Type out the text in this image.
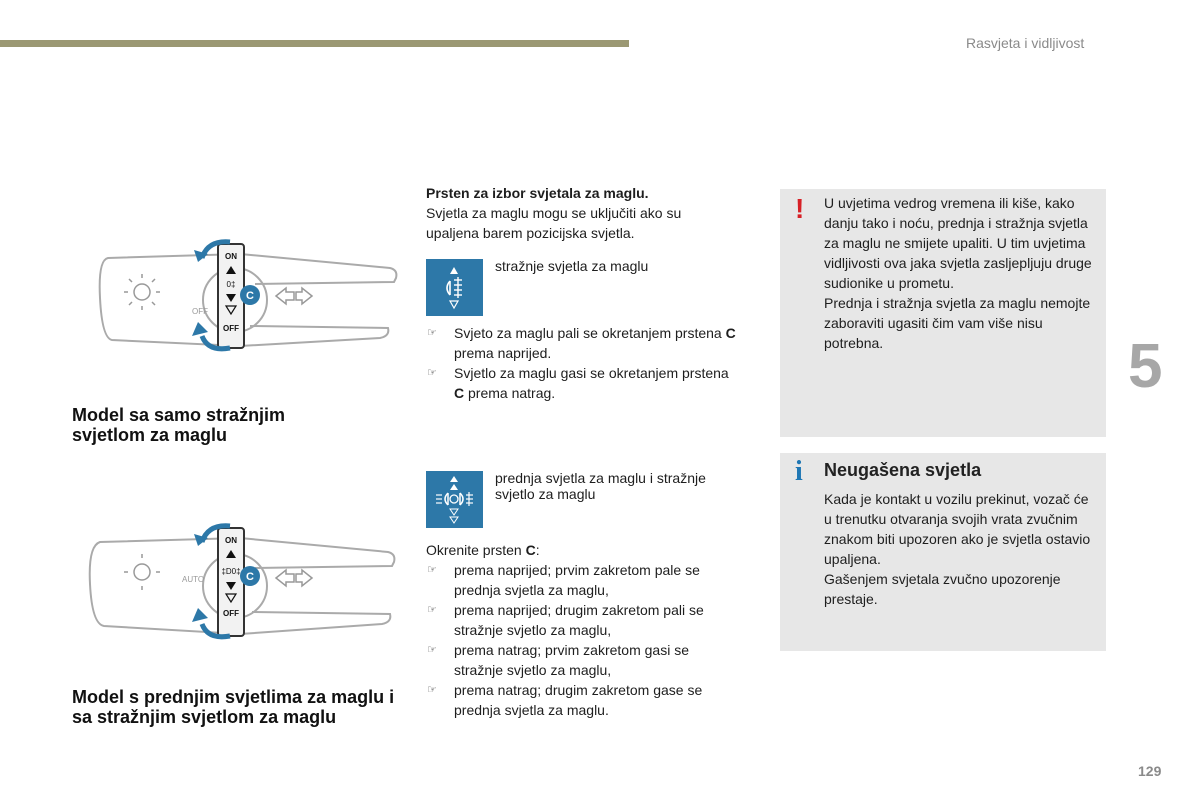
Rasvjeta i vidljivost
5
129
OFF
ON
0‡
OFF
C
Model sa samo stražnjim svjetlom za maglu
AUTO
ON
‡D0‡
OFF
C
Model s prednjim svjetlima za maglu i sa stražnjim svjetlom za maglu
Prsten za izbor svjetala za maglu.
Svjetla za maglu mogu se uključiti ako su upaljena barem pozicijska svjetla.
stražnje svjetla za maglu
☞ Svjeto za maglu pali se okretanjem prstena C prema naprijed.
☞ Svjetlo za maglu gasi se okretanjem prstena C prema natrag.
prednja svjetla za maglu i stražnje svjetlo za maglu
Okrenite prsten C:
☞ prema naprijed; prvim zakretom pale se prednja svjetla za maglu,
☞ prema naprijed; drugim zakretom pali se stražnje svjetlo za maglu,
☞ prema natrag; prvim zakretom gasi se stražnje svjetlo za maglu,
☞ prema natrag; drugim zakretom gase se prednja svjetla za maglu.
! U uvjetima vedrog vremena ili kiše, kako danju tako i noću, prednja i stražnja svjetla za maglu ne smijete upaliti. U tim uvjetima vidljivosti ova jaka svjetla zasljepljuju druge sudionike u prometu.
Prednja i stražnja svjetla za maglu nemojte zaboraviti ugasiti čim vam više nisu potrebna.
i Neugašena svjetla
Kada je kontakt u vozilu prekinut, vozač će u trenutku otvaranja svojih vrata zvučnim znakom biti upozoren ako je svjetla ostavio upaljena.
Gašenjem svjetala zvučno upozorenje prestaje.
